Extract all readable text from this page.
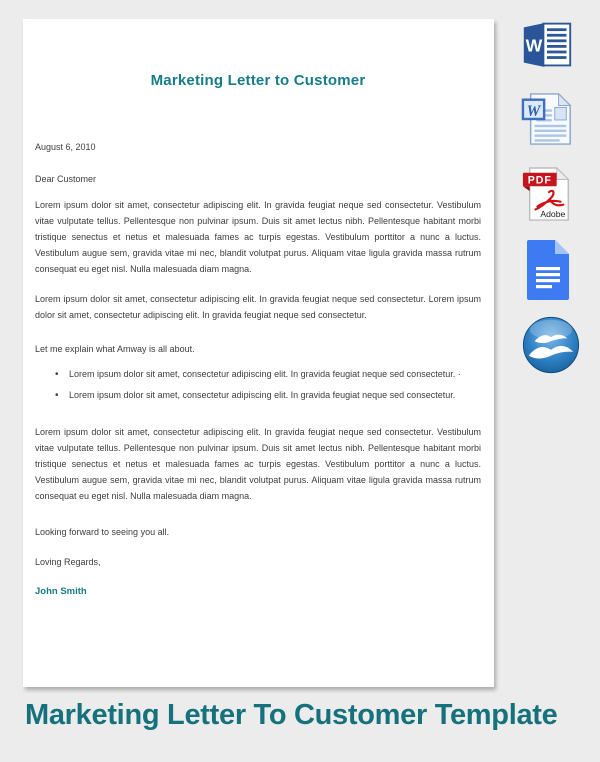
Marketing Letter to Customer
August 6, 2010
Dear Customer

Lorem ipsum dolor sit amet, consectetur adipiscing elit. In gravida feugiat neque sed consectetur. Vestibulum vitae vulputate tellus. Pellentesque non pulvinar ipsum. Duis sit amet lectus nibh. Pellentesque habitant morbi tristique senectus et netus et malesuada fames ac turpis egestas. Vestibulum porttitor a nunc a luctus. Vestibulum augue sem, gravida vitae mi nec, blandit volutpat purus. Aliquam vitae ligula gravida massa rutrum consequat eu eget nisl. Nulla malesuada diam magna.

Lorem ipsum dolor sit amet, consectetur adipiscing elit. In gravida feugiat neque sed consectetur. Lorem ipsum dolor sit amet, consectetur adipiscing elit. In gravida feugiat neque sed consectetur.

Let me explain what Amway is all about.
• Lorem ipsum dolor sit amet, consectetur adipiscing elit. In gravida feugiat neque sed consectetur. ·
• Lorem ipsum dolor sit amet, consectetur adipiscing elit. In gravida feugiat neque sed consectetur.

Lorem ipsum dolor sit amet, consectetur adipiscing elit. In gravida feugiat neque sed consectetur. Vestibulum vitae vulputate tellus. Pellentesque non pulvinar ipsum. Duis sit amet lectus nibh. Pellentesque habitant morbi tristique senectus et netus et malesuada fames ac turpis egestas. Vestibulum porttitor a nunc a luctus. Vestibulum augue sem, gravida vitae mi nec, blandit volutpat purus. Aliquam vitae ligula gravida massa rutrum consequat eu eget nisl. Nulla malesuada diam magna.

Looking forward to seeing you all.
Loving Regards,
John Smith
W
W
PDF
Adobe
Marketing Letter To Customer Template
